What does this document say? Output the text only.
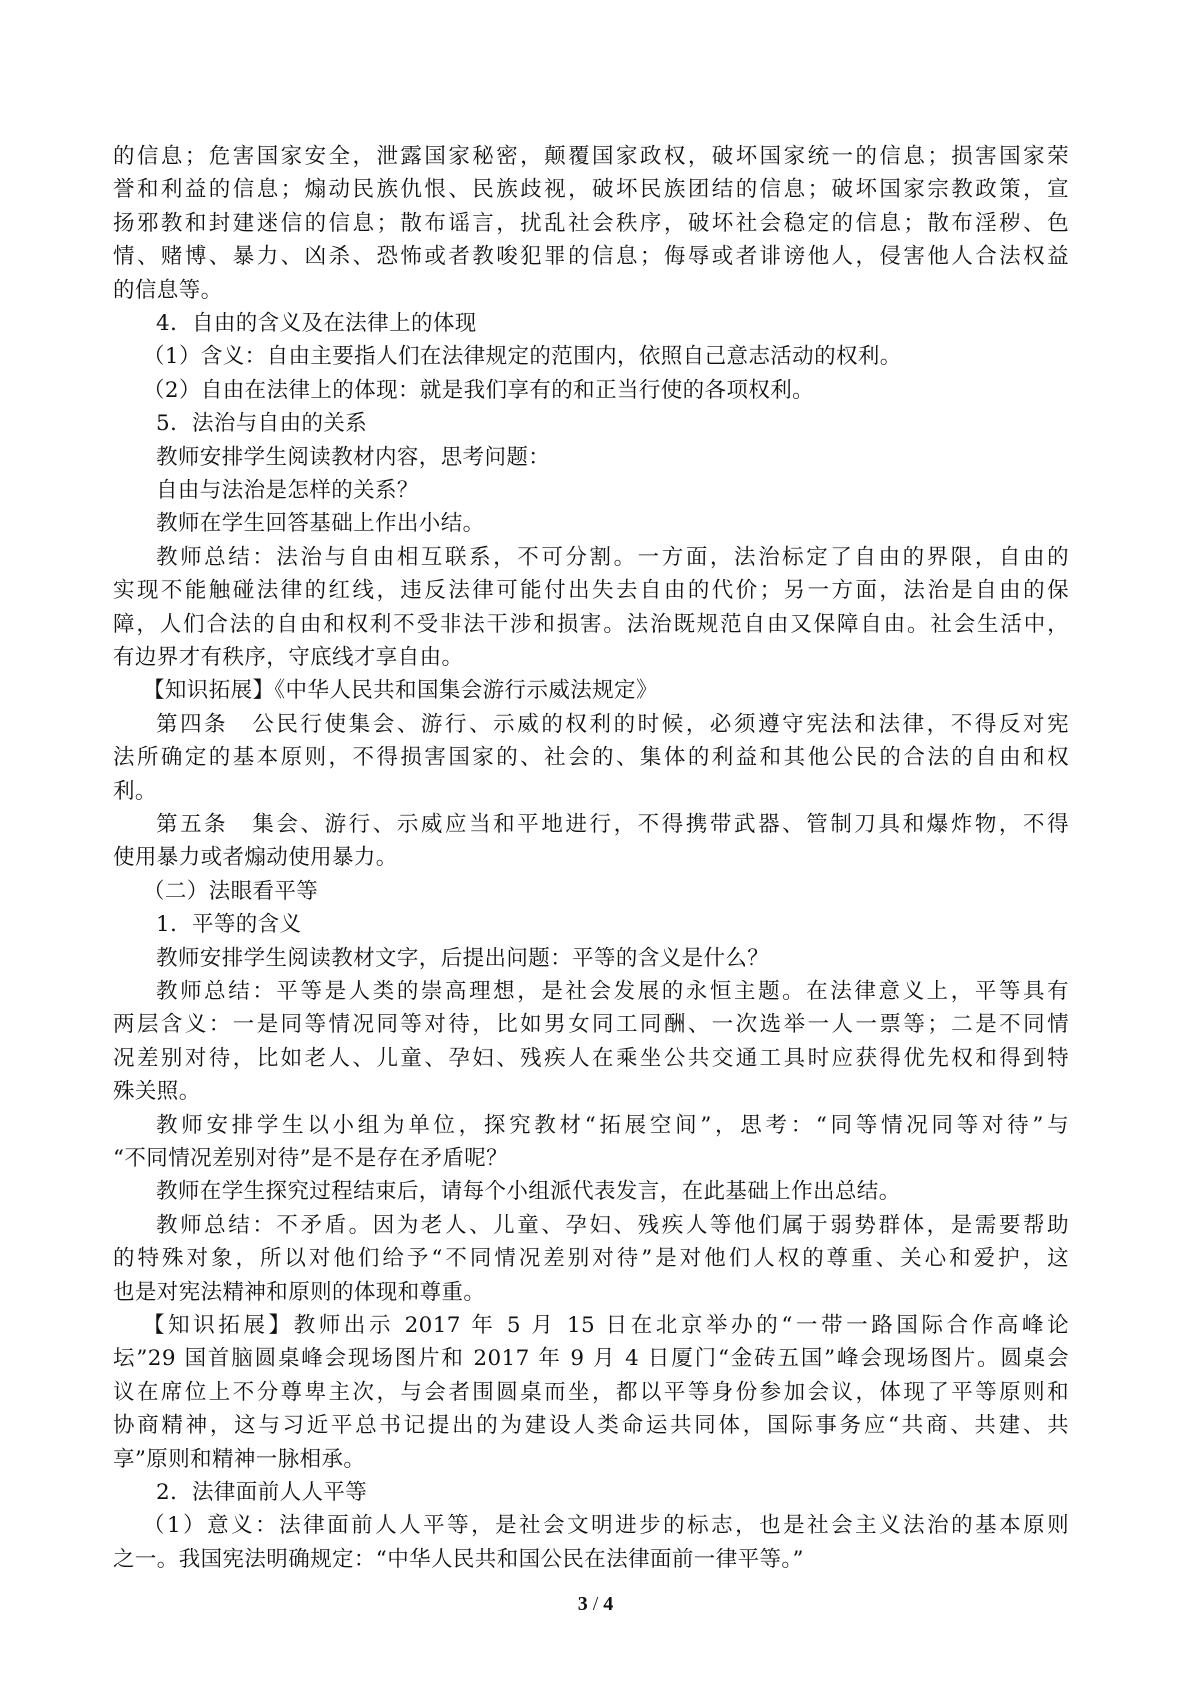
的信息；危害国家安全，泄露国家秘密，颠覆国家政权，破坏国家统一的信息；损害国家荣
誉和利益的信息；煽动民族仇恨、民族歧视，破坏民族团结的信息；破坏国家宗教政策，宣
扬邪教和封建迷信的信息；散布谣言，扰乱社会秩序，破坏社会稳定的信息；散布淫秽、色
情、赌博、暴力、凶杀、恐怖或者教唆犯罪的信息；侮辱或者诽谤他人，侵害他人合法权益
的信息等。
4．自由的含义及在法律上的体现
（1）含义：自由主要指人们在法律规定的范围内，依照自己意志活动的权利。
（2）自由在法律上的体现：就是我们享有的和正当行使的各项权利。
5．法治与自由的关系
教师安排学生阅读教材内容，思考问题：
自由与法治是怎样的关系？
教师在学生回答基础上作出小结。
教师总结：法治与自由相互联系，不可分割。一方面，法治标定了自由的界限，自由的
实现不能触碰法律的红线，违反法律可能付出失去自由的代价；另一方面，法治是自由的保
障，人们合法的自由和权利不受非法干涉和损害。法治既规范自由又保障自由。社会生活中，
有边界才有秩序，守底线才享自由。
【知识拓展】《中华人民共和国集会游行示威法规定》
第四条　公民行使集会、游行、示威的权利的时候，必须遵守宪法和法律，不得反对宪
法所确定的基本原则，不得损害国家的、社会的、集体的利益和其他公民的合法的自由和权
利。
第五条　集会、游行、示威应当和平地进行，不得携带武器、管制刀具和爆炸物，不得
使用暴力或者煽动使用暴力。
（二）法眼看平等
1．平等的含义
教师安排学生阅读教材文字，后提出问题：平等的含义是什么？
教师总结：平等是人类的崇高理想，是社会发展的永恒主题。在法律意义上，平等具有
两层含义：一是同等情况同等对待，比如男女同工同酬、一次选举一人一票等；二是不同情
况差别对待，比如老人、儿童、孕妇、残疾人在乘坐公共交通工具时应获得优先权和得到特
殊关照。
教师安排学生以小组为单位，探究教材“拓展空间”，思考：“同等情况同等对待”与
“不同情况差别对待”是不是存在矛盾呢？
教师在学生探究过程结束后，请每个小组派代表发言，在此基础上作出总结。
教师总结：不矛盾。因为老人、儿童、孕妇、残疾人等他们属于弱势群体，是需要帮助
的特殊对象，所以对他们给予“不同情况差别对待”是对他们人权的尊重、关心和爱护，这
也是对宪法精神和原则的体现和尊重。
【知识拓展】教师出示 2017 年 5 月 15 日在北京举办的“一带一路国际合作高峰论
坛”29 国首脑圆桌峰会现场图片和 2017 年 9 月 4 日厦门“金砖五国”峰会现场图片。圆桌会
议在席位上不分尊卑主次，与会者围圆桌而坐，都以平等身份参加会议，体现了平等原则和
协商精神，这与习近平总书记提出的为建设人类命运共同体，国际事务应“共商、共建、共
享”原则和精神一脉相承。
2．法律面前人人平等
（1）意义：法律面前人人平等，是社会文明进步的标志，也是社会主义法治的基本原则
之一。我国宪法明确规定：“中华人民共和国公民在法律面前一律平等。”
3 / 4
